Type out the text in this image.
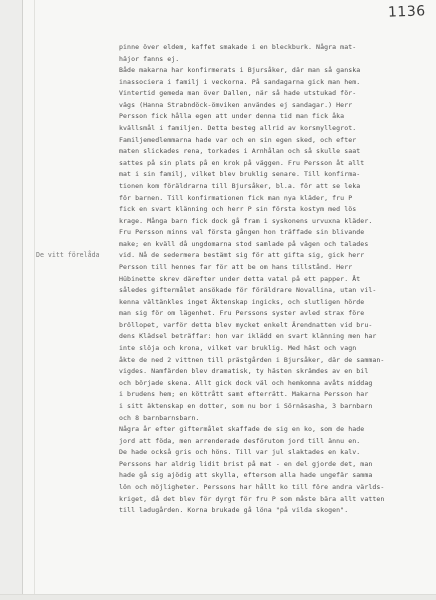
1136
De vitt förelåda
pinne över eldem, kaffet smakade i en bleckburk. Några mat-
häjor fanns ej.
Både makarna har konfirmerats i Bjursåker, där man så ganska
inassociera i familj i veckorna. På sandagarna gick man hem.
Vintertid gemeda man över Dallen, när så hade utstukad för-
vägs (Hanna Strabndöck-ömviken användes ej sandagar.) Herr
Persson fick hålla egen att under denna tid man fick åka
kvällsmål i familjen. Detta besteg allrid av korsmyllegrot.
Familjemedlemmarna hade var och en sin egen sked, och efter
maten slickades rena, torkades i Arnhålan och så skulle saat
sattes på sin plats på en krok på väggen. Fru Persson åt allt
mat i sin familj, vilket blev bruklig senare. Till konfirma-
tionen kom föräldrarna till Bjursåker, bl.a. för att se leka
för barnen. Till konfirmationen fick man nya kläder, fru P
fick en svart klänning och herr P sin första kostym med lös
krage. Många barn fick dock gå fram i syskonens urvuxna kläder.
Fru Persson minns val första gången hon träffade sin blivande
make; en kväll då ungdomarna stod samlade på vägen och talades
vid. Nå de sedermera bestämt sig för att gifta sig, gick herr
Persson till hennes far för att be om hans tillstånd. Herr
Hübinette skrev därefter under detta vatal på ett papper. Åt
således giftermålet ansökade för föräldrare Novallina, utan vil-
kenna vältänkles inget Äktenskap ingicks, och slutligen hörde
man sig för om lägenhet. Fru Perssons syster avled strax före
bröllopet, varför detta blev mycket enkelt Ärendnatten vid bru-
dens Klädsel beträffar: hon var iklädd en svart klänning men har
inte slöja och krona, vilket var bruklig. Med häst och vagn
åkte de ned 2 vittnen till prästgården i Bjursåker, där de samman-
vigdes. Namfärden blev dramatisk, ty hästen skrämdes av en bil
och började skena. Allt gick dock väl och hemkomna avåts middag
i brudens hem; en köttrått samt efterrätt. Makarna Persson har
i sitt äktenskap en dotter, som nu bor i Sörnäsasha, 3 barnbarn
och 8 barnbarnsbarn.
Några år efter giftermålet skaffade de sig en ko, som de hade
jord att föda, men arrenderade desförutom jord till ännu en.
De hade också gris och höns. Till var jul slaktades en kalv.
Perssons har aldrig lidit brist på mat - en del gjorde det, man
hade gå sig ajödig att skylla, eftersom alla hade ungefär samma
lön och möjligheter. Perssons har hållt ko till före andra världs-
kriget, då det blev för dyrgt för fru P som måste bära allt vatten
till ladugården. Korna brukade gå löna "på vilda skogen".
